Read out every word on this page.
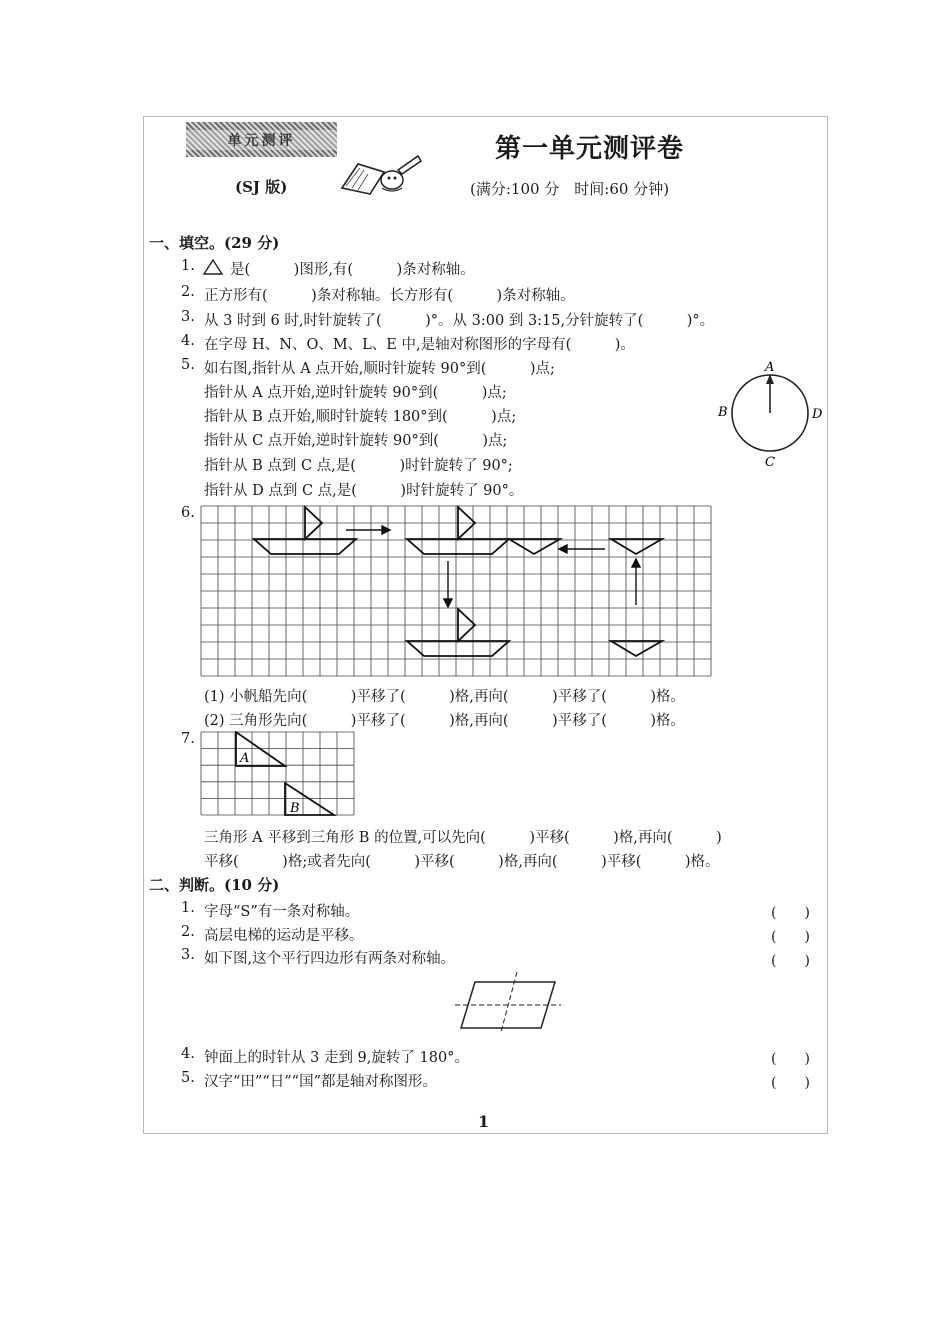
单元测评	第一单元测评卷
(SJ 版)	(满分:100 分　时间:60 分钟)
一、填空。(29 分)
1. 是(　　　)图形,有(　　　)条对称轴。
2. 正方形有(　　　)条对称轴。长方形有(　　　)条对称轴。
3. 从 3 时到 6 时,时针旋转了(　　　)°。从 3:00 到 3:15,分针旋转了(　　　)°。
4. 在字母 H、N、O、M、L、E 中,是轴对称图形的字母有(　　　)。
5. 如右图,指针从 A 点开始,顺时针旋转 90°到(　　　)点;
指针从 A 点开始,逆时针旋转 90°到(　　　)点;
指针从 B 点开始,顺时针旋转 180°到(　　　)点;
指针从 C 点开始,逆时针旋转 90°到(　　　)点;
指针从 B 点到 C 点,是(　　　)时针旋转了 90°;
指针从 D 点到 C 点,是(　　　)时针旋转了 90°。
A
B
C
D
6.
(1) 小帆船先向(　　　)平移了(　　　)格,再向(　　　)平移了(　　　)格。
(2) 三角形先向(　　　)平移了(　　　)格,再向(　　　)平移了(　　　)格。
7.
A
B
三角形 A 平移到三角形 B 的位置,可以先向(　　　)平移(　　　)格,再向(　　　)
平移(　　　)格;或者先向(　　　)平移(　　　)格,再向(　　　)平移(　　　)格。
二、判断。(10 分)
1. 字母“S”有一条对称轴。	(　　)
2. 高层电梯的运动是平移。	(　　)
3. 如下图,这个平行四边形有两条对称轴。	(　　)
4. 钟面上的时针从 3 走到 9,旋转了 180°。	(　　)
5. 汉字“田”“日”“国”都是轴对称图形。	(　　)
1
